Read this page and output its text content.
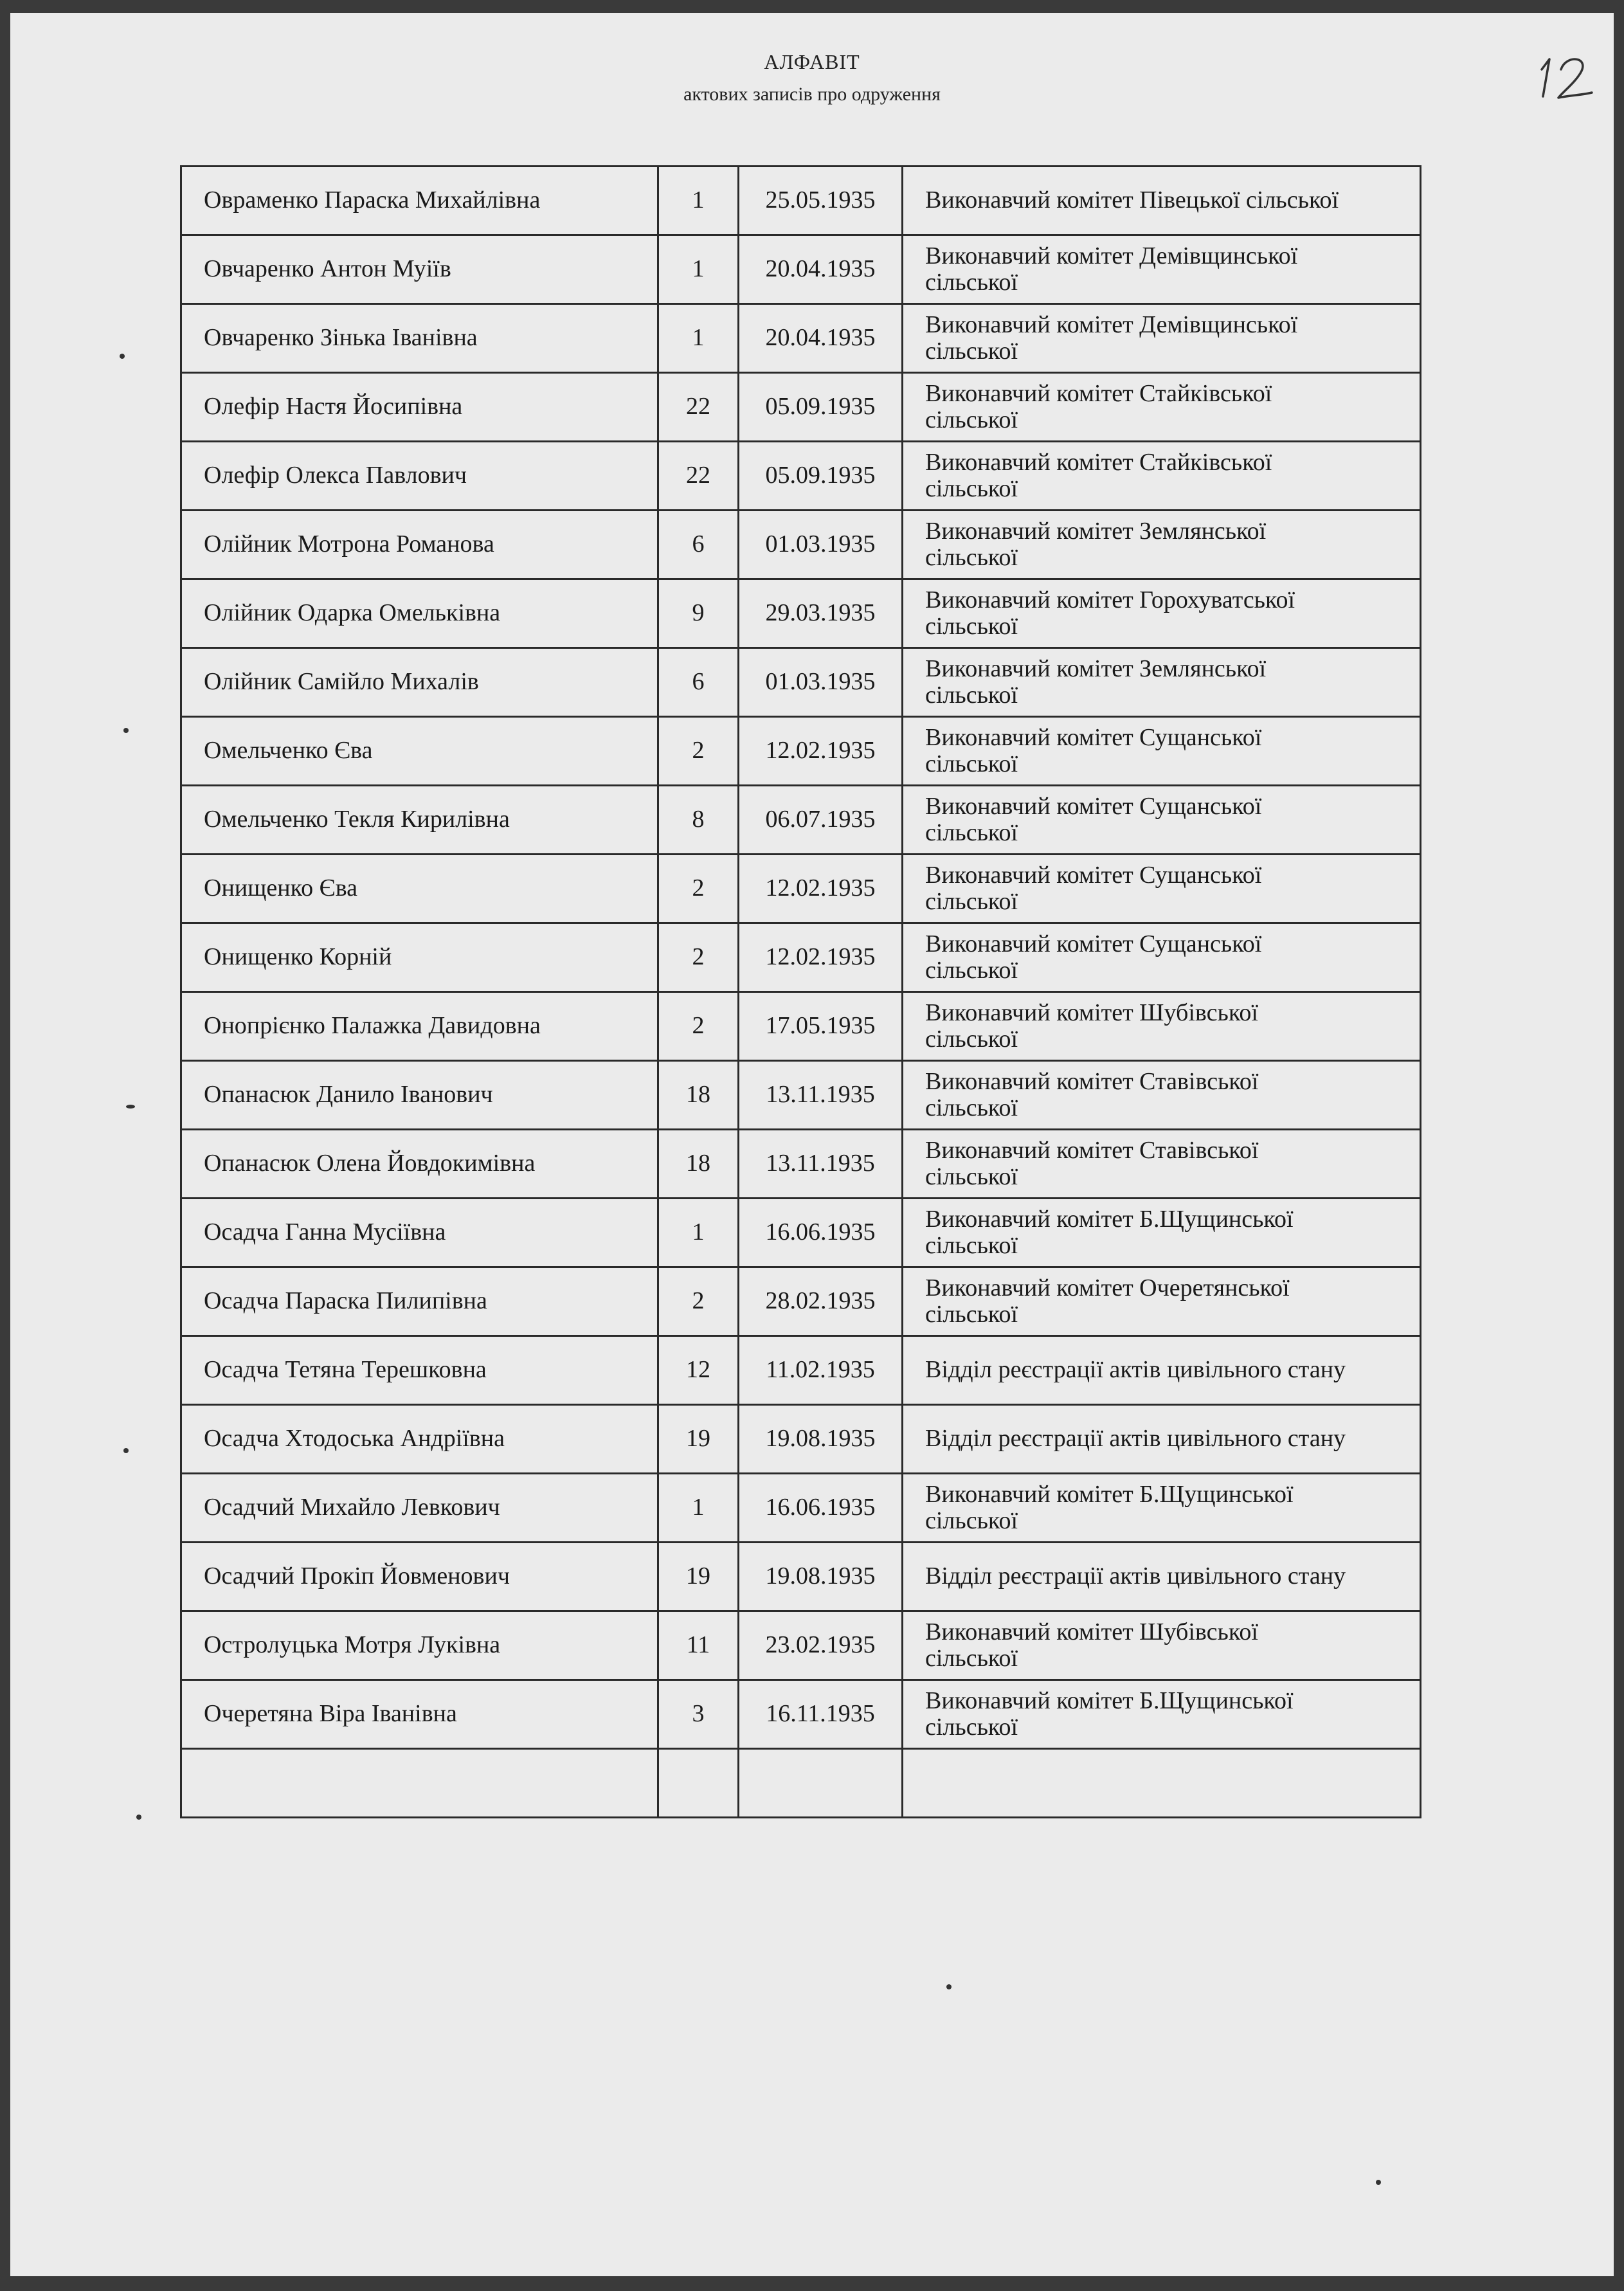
АЛФАВІТ
актових записів про одруження
Овраменко Параска Михайлівна	1	25.05.1935	Виконавчий комітет Півецької сільської

Овчаренко Антон Муіїв	1	20.04.1935	Виконавчий комітет Демівщинської
сільської

Овчаренко Зінька Іванівна	1	20.04.1935	Виконавчий комітет Демівщинської
сільської

Олефір Настя Йосипівна	22	05.09.1935	Виконавчий комітет Стайківської
сільської

Олефір Олекса Павлович	22	05.09.1935	Виконавчий комітет Стайківської
сільської

Олійник Мотрона Романова	6	01.03.1935	Виконавчий комітет Землянської
сільської

Олійник Одарка Омельківна	9	29.03.1935	Виконавчий комітет Горохуватської
сільської

Олійник Самійло Михалів	6	01.03.1935	Виконавчий комітет Землянської
сільської

Омельченко Єва	2	12.02.1935	Виконавчий комітет Сущанської
сільської

Омельченко Текля Кирилівна	8	06.07.1935	Виконавчий комітет Сущанської
сільської

Онищенко Єва	2	12.02.1935	Виконавчий комітет Сущанської
сільської

Онищенко Корній	2	12.02.1935	Виконавчий комітет Сущанської
сільської

Онопрієнко Палажка Давидовна	2	17.05.1935	Виконавчий комітет Шубівської
сільської

Опанасюк Данило Іванович	18	13.11.1935	Виконавчий комітет Ставівської
сільської

Опанасюк Олена Йовдокимівна	18	13.11.1935	Виконавчий комітет Ставівської
сільської

Осадча Ганна Мусіївна	1	16.06.1935	Виконавчий комітет Б.Щущинської
сільської

Осадча Параска Пилипівна	2	28.02.1935	Виконавчий комітет Очеретянської
сільської

Осадча Тетяна Терешковна	12	11.02.1935	Відділ реєстрації актів цивільного стану

Осадча Хтодоська Андріївна	19	19.08.1935	Відділ реєстрації актів цивільного стану

Осадчий Михайло Левкович	1	16.06.1935	Виконавчий комітет Б.Щущинської
сільської

Осадчий Прокіп Йовменович	19	19.08.1935	Відділ реєстрації актів цивільного стану

Остролуцька Мотря Луківна	11	23.02.1935	Виконавчий комітет Шубівської
сільської

Очеретяна Віра Іванівна	3	16.11.1935	Виконавчий комітет Б.Щущинської
сільської
